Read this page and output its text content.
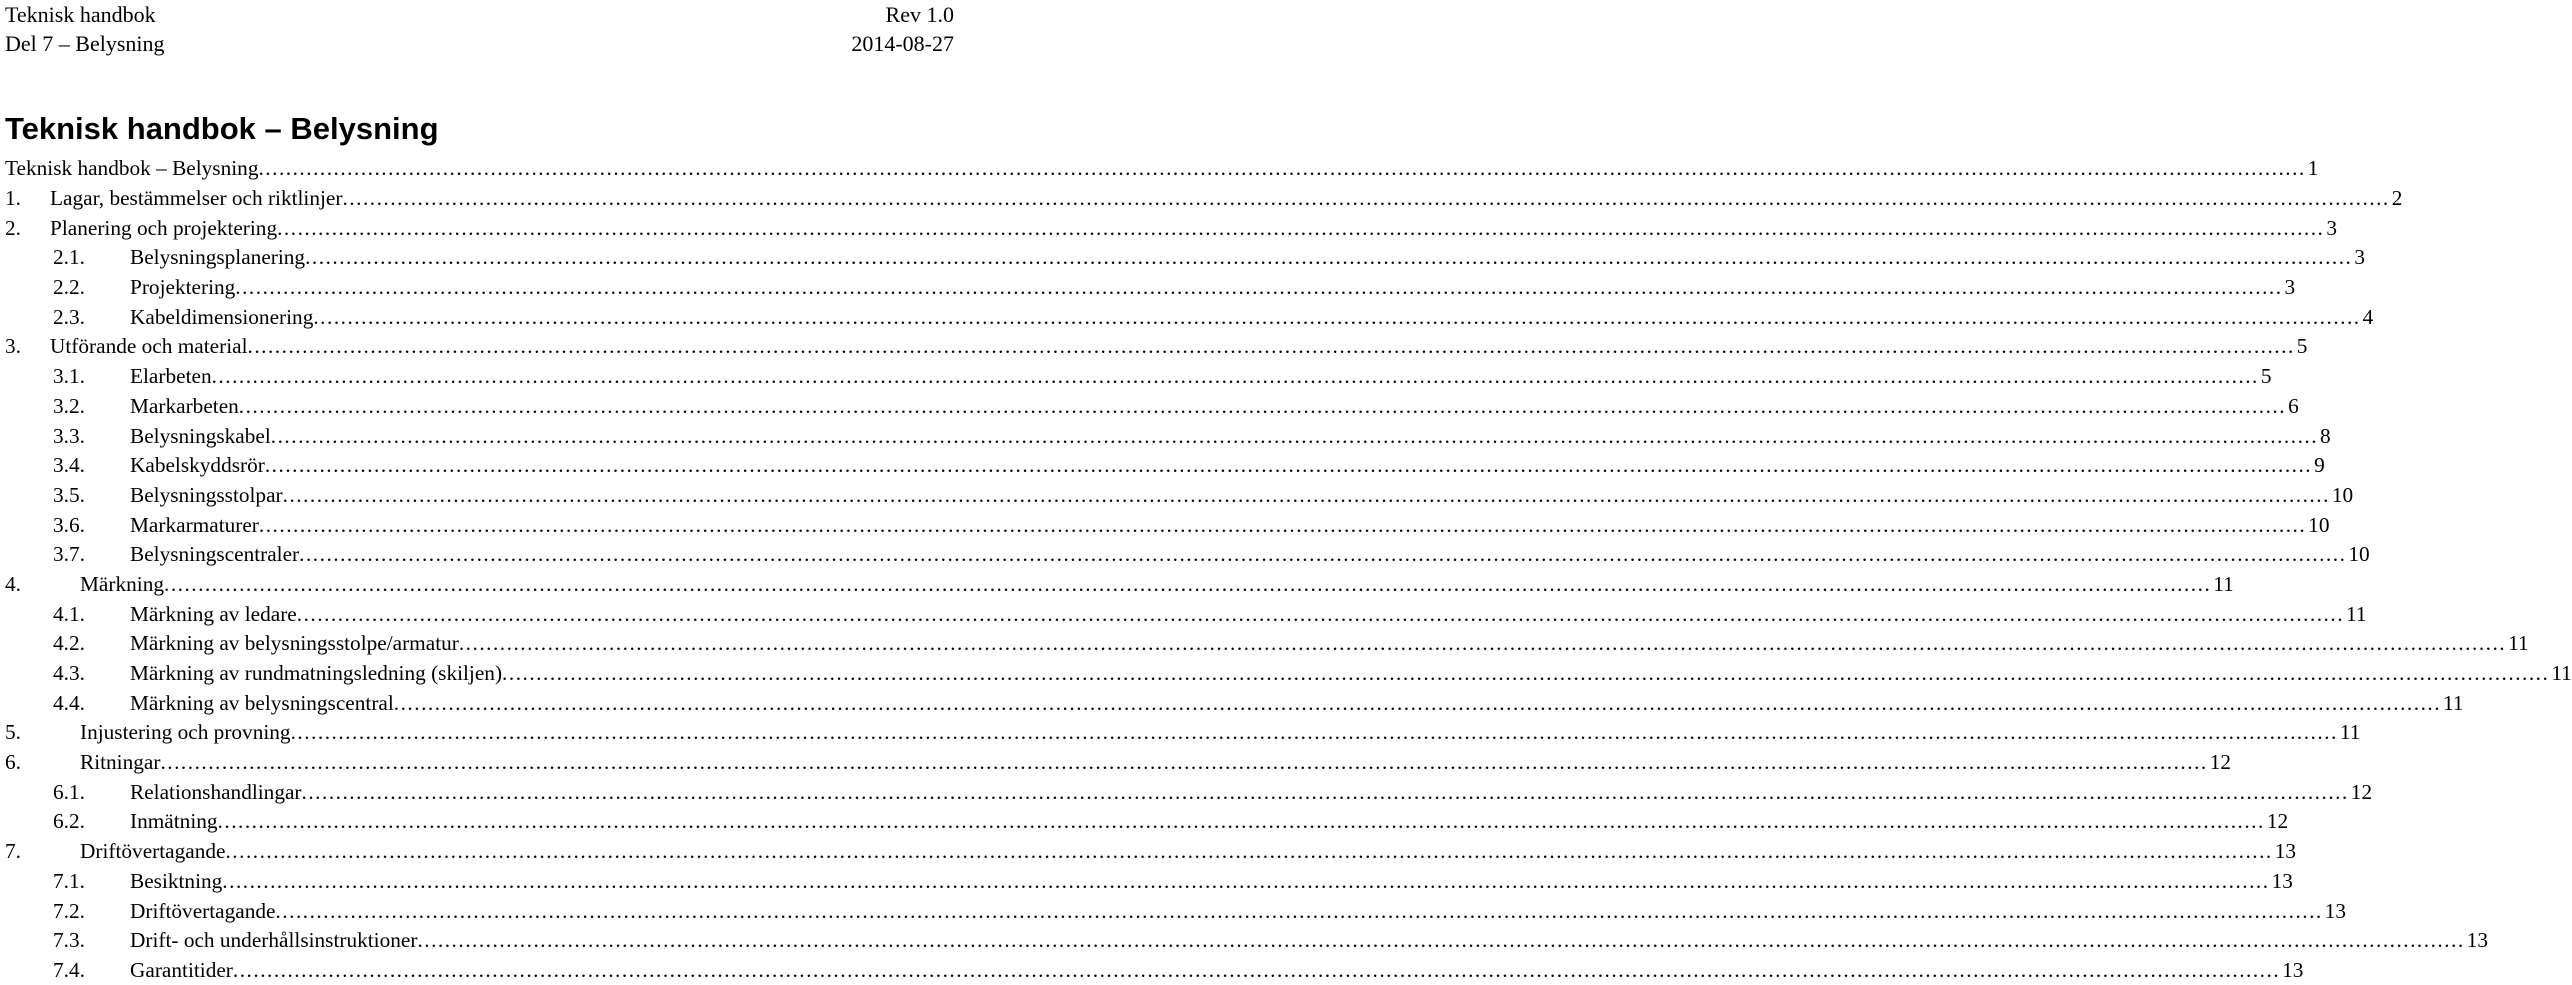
Teknisk handbok	Rev 1.0
Del 7 – Belysning	2014-08-27
Teknisk handbok – Belysning
Teknisk handbok – Belysning ............................................................................................................................................................................................................................................................................................................ 1
1. Lagar, bestämmelser och riktlinjer ............................................................................................................................................................................................................................................................................................................ 2
2. Planering och projektering ............................................................................................................................................................................................................................................................................................................ 3
2.1. Belysningsplanering ............................................................................................................................................................................................................................................................................................................ 3
2.2. Projektering ............................................................................................................................................................................................................................................................................................................ 3
2.3. Kabeldimensionering ............................................................................................................................................................................................................................................................................................................ 4
3. Utförande och material ............................................................................................................................................................................................................................................................................................................ 5
3.1. Elarbeten ............................................................................................................................................................................................................................................................................................................ 5
3.2. Markarbeten ............................................................................................................................................................................................................................................................................................................ 6
3.3. Belysningskabel ............................................................................................................................................................................................................................................................................................................ 8
3.4. Kabelskyddsrör ............................................................................................................................................................................................................................................................................................................ 9
3.5. Belysningsstolpar ............................................................................................................................................................................................................................................................................................................ 10
3.6. Markarmaturer ............................................................................................................................................................................................................................................................................................................ 10
3.7. Belysningscentraler ............................................................................................................................................................................................................................................................................................................ 10
4.	Märkning ............................................................................................................................................................................................................................................................................................................ 11
4.1. Märkning av ledare ............................................................................................................................................................................................................................................................................................................ 11
4.2. Märkning av belysningsstolpe/armatur ............................................................................................................................................................................................................................................................................................................ 11
4.3. Märkning av rundmatningsledning (skiljen) ............................................................................................................................................................................................................................................................................................................ 11
4.4. Märkning av belysningscentral ............................................................................................................................................................................................................................................................................................................ 11
5.	Injustering och provning ............................................................................................................................................................................................................................................................................................................ 11
6.	Ritningar ............................................................................................................................................................................................................................................................................................................ 12
6.1. Relationshandlingar ............................................................................................................................................................................................................................................................................................................ 12
6.2. Inmätning ............................................................................................................................................................................................................................................................................................................ 12
7.	Driftövertagande ............................................................................................................................................................................................................................................................................................................ 13
7.1. Besiktning ............................................................................................................................................................................................................................................................................................................ 13
7.2. Driftövertagande ............................................................................................................................................................................................................................................................................................................ 13
7.3. Drift- och underhållsinstruktioner ............................................................................................................................................................................................................................................................................................................ 13
7.4. Garantitider ............................................................................................................................................................................................................................................................................................................ 13
